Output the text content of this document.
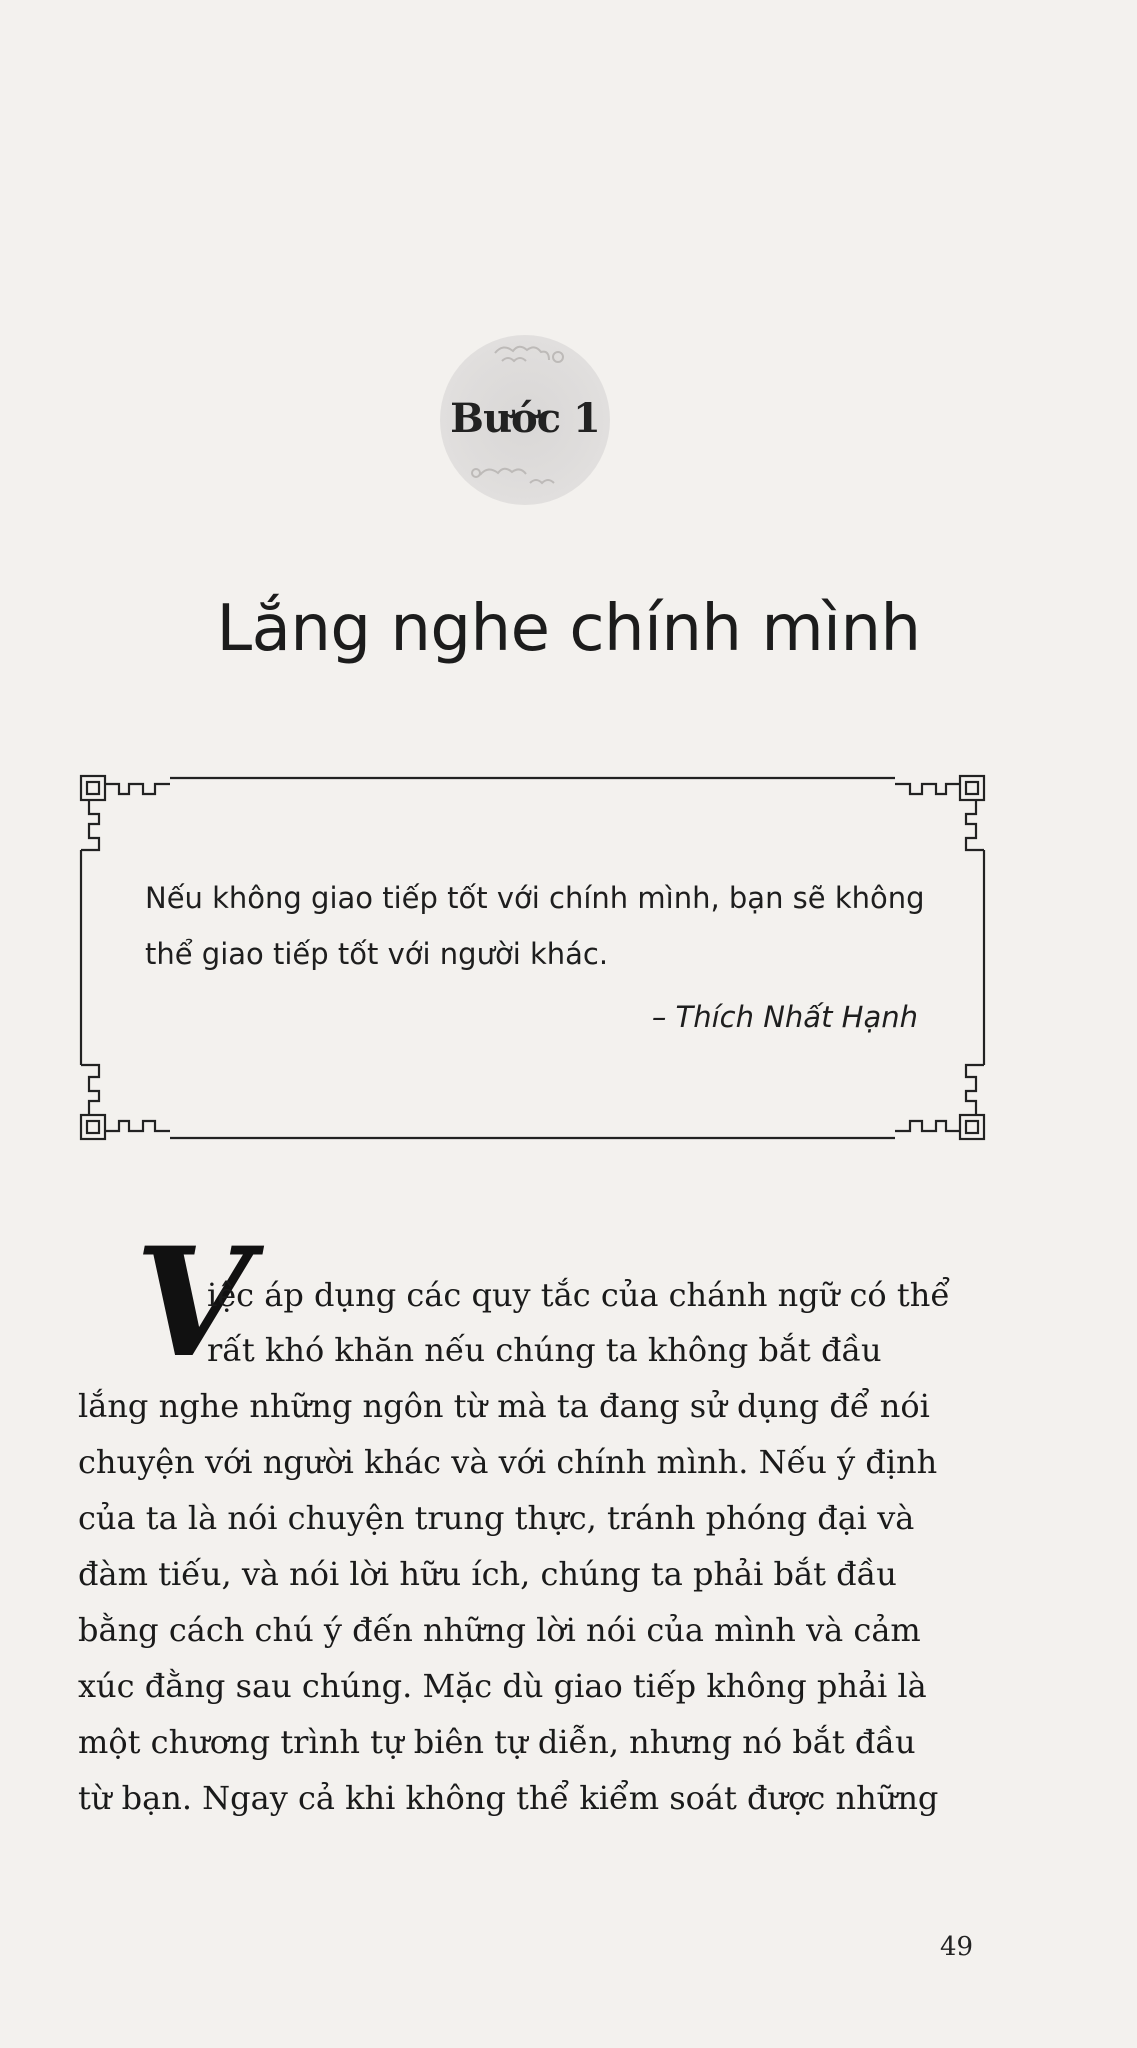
Bước 1
Lắng nghe chính mình
Nếu không giao tiếp tốt với chính mình, bạn sẽ không thể giao tiếp tốt với người khác.
– Thích Nhất Hạnh
V
iệc áp dụng các quy tắc của chánh ngữ có thể
rất khó khăn nếu chúng ta không bắt đầu
lắng nghe những ngôn từ mà ta đang sử dụng để nói
chuyện với người khác và với chính mình. Nếu ý định
của ta là nói chuyện trung thực, tránh phóng đại và
đàm tiếu, và nói lời hữu ích, chúng ta phải bắt đầu
bằng cách chú ý đến những lời nói của mình và cảm
xúc đằng sau chúng. Mặc dù giao tiếp không phải là
một chương trình tự biên tự diễn, nhưng nó bắt đầu
từ bạn. Ngay cả khi không thể kiểm soát được những
49
